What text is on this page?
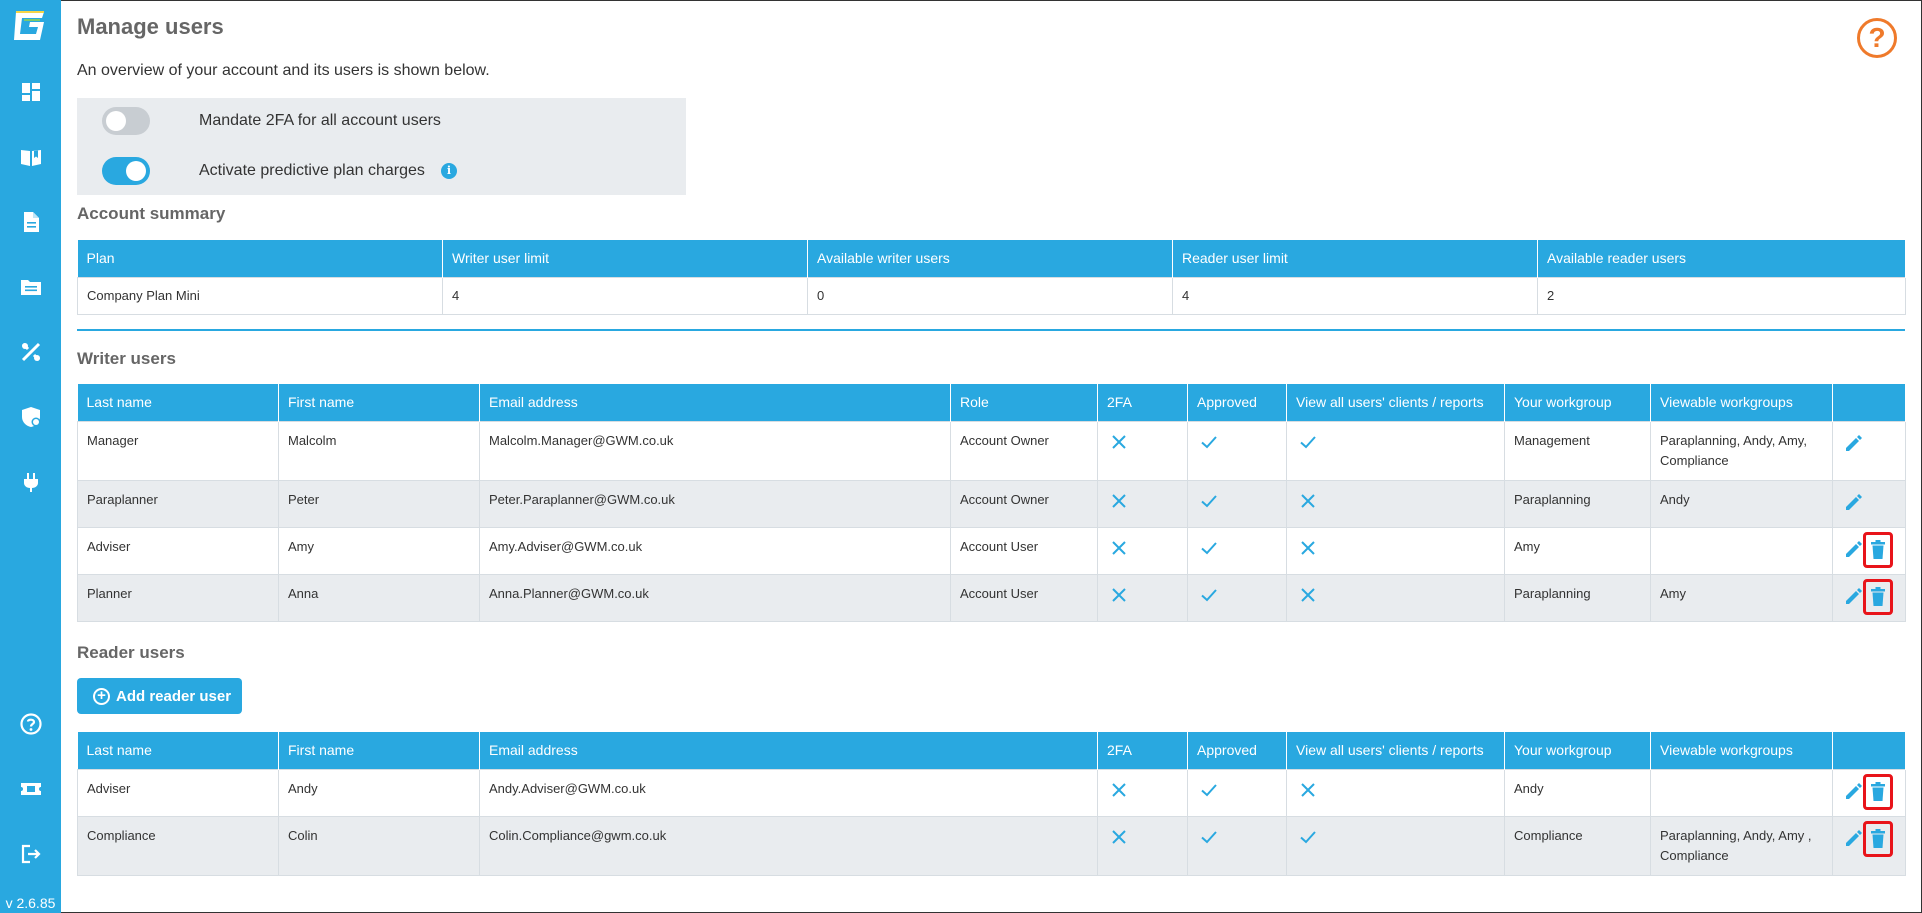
v 2.6.85
Manage users	?
An overview of your account and its users is shown below.
Mandate 2FA for all account users
Activate predictive plan charges	i
Account summary
Plan	Writer user limit	Available writer users	Reader user limit	Available reader users
Company Plan Mini	4	0	4	2
Writer users
Last name	First name	Email address	Role	2FA	Approved	View all users' clients / reports	Your workgroup	Viewable workgroups	
Manager	Malcolm	Malcolm.Manager@GWM.co.uk	Account Owner				Management	Paraplanning, Andy, Amy, Compliance	

Paraplanner	Peter	Peter.Paraplanner@GWM.co.uk	Account Owner				Paraplanning	Andy	

Adviser	Amy	Amy.Adviser@GWM.co.uk	Account User				Amy		

Planner	Anna	Anna.Planner@GWM.co.uk	Account User				Paraplanning	Amy	
Reader users
+ Add reader user
Last name	First name	Email address	2FA	Approved	View all users' clients / reports	Your workgroup	Viewable workgroups	
Adviser	Andy	Andy.Adviser@GWM.co.uk				Andy		

Compliance	Colin	Colin.Compliance@gwm.co.uk				Compliance	Paraplanning, Andy, Amy , Compliance	
